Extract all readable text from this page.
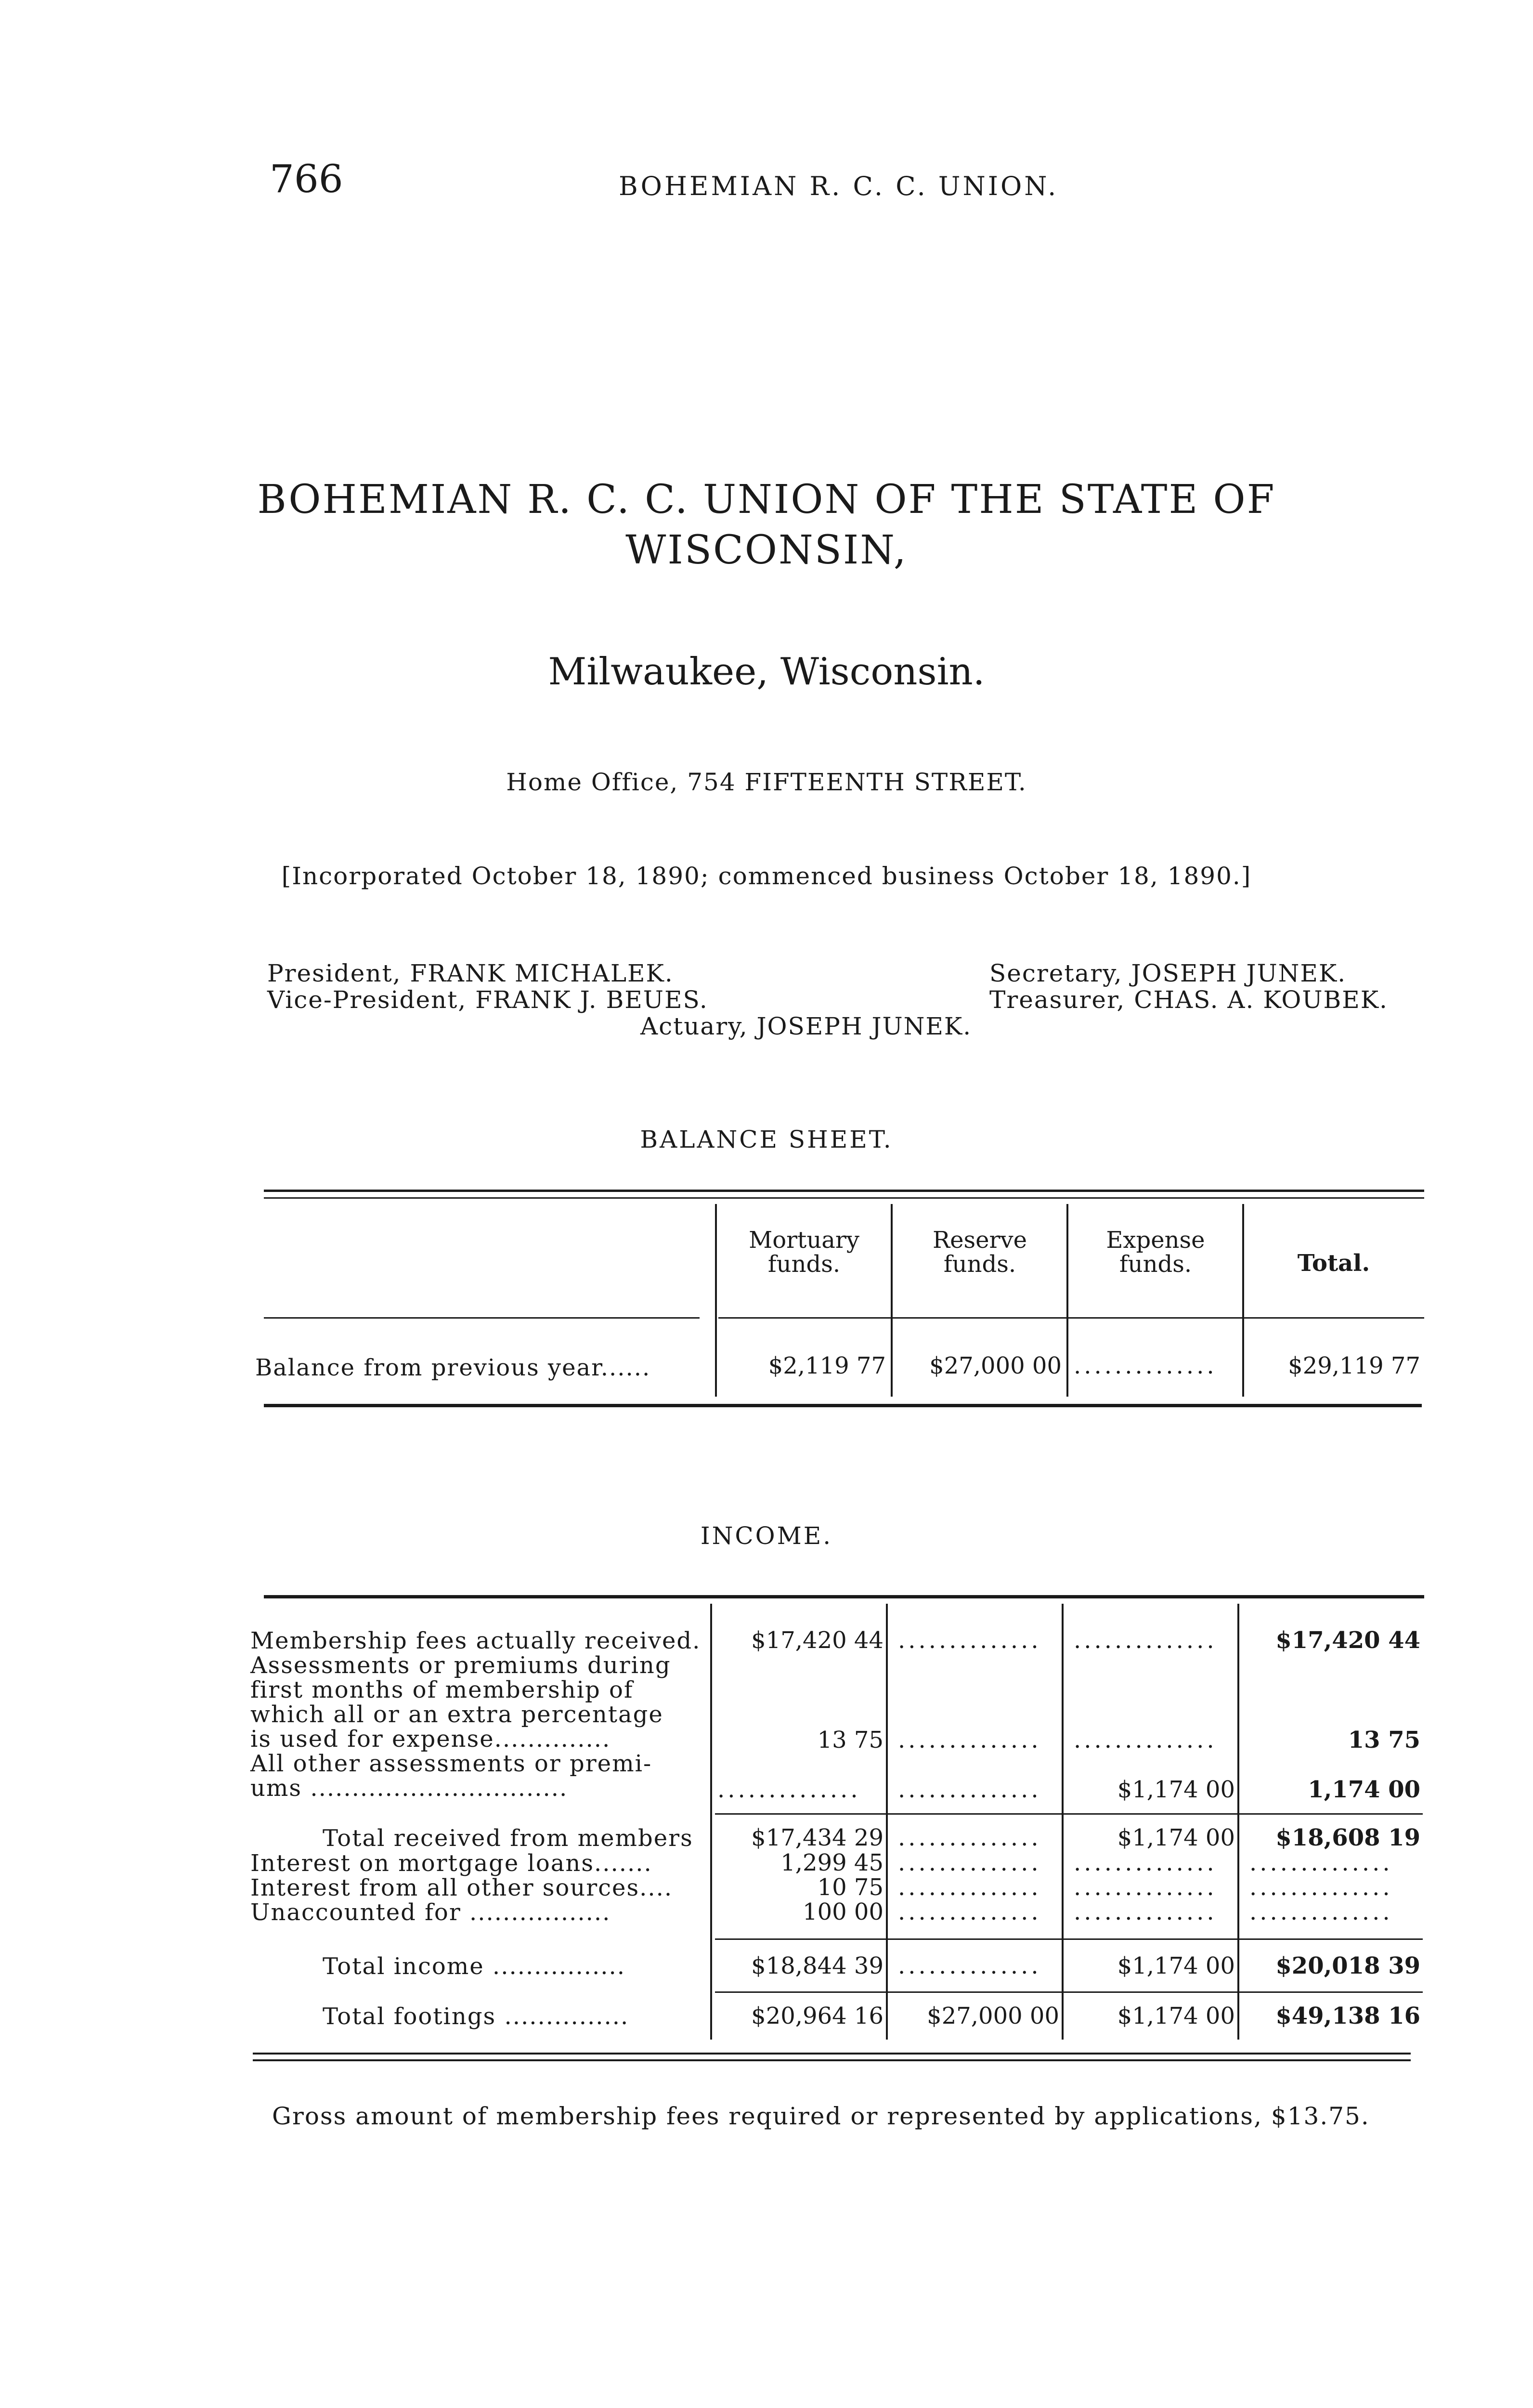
766	BOHEMIAN R. C. C. UNION.
BOHEMIAN R. C. C. UNION OF THE STATE OF
WISCONSIN,
Milwaukee, Wisconsin.
Home Office, 754 FIFTEENTH STREET.
[Incorporated October 18, 1890; commenced business October 18, 1890.]
President, FRANK MICHALEK.
Vice-President, FRANK J. BEUES.
Secretary, JOSEPH JUNEK.
Treasurer, CHAS. A. KOUBEK.
Actuary, JOSEPH JUNEK.
BALANCE SHEET.
Mortuary
funds.
Reserve
funds.
Expense
funds.	Total.
Balance from previous year......	$2,119 77	$27,000 00 ..............	$29,119 77
INCOME.
Membership fees actually received.	$17,420 44 ..............	..............	$17,420 44
Assessments or premiums during
first months of membership of
which all or an extra percentage
is used for expense..............	13 75 ..............	..............	13 75
All other assessments or premi-
ums ...............................	..............	..............	$1,174 00	1,174 00
Total received from members	$17,434 29 ..............	$1,174 00	$18,608 19
Interest on mortgage loans.......	1,299 45 ..............	..............	..............
Interest from all other sources....	10 75 ..............	..............	..............
Unaccounted for .................	100 00 ..............	..............	..............
Total income ................	$18,844 39 ..............	$1,174 00	$20,018 39
Total footings ...............	$20,964 16	$27,000 00	$1,174 00	$49,138 16
Gross amount of membership fees required or represented by applications, $13.75.
